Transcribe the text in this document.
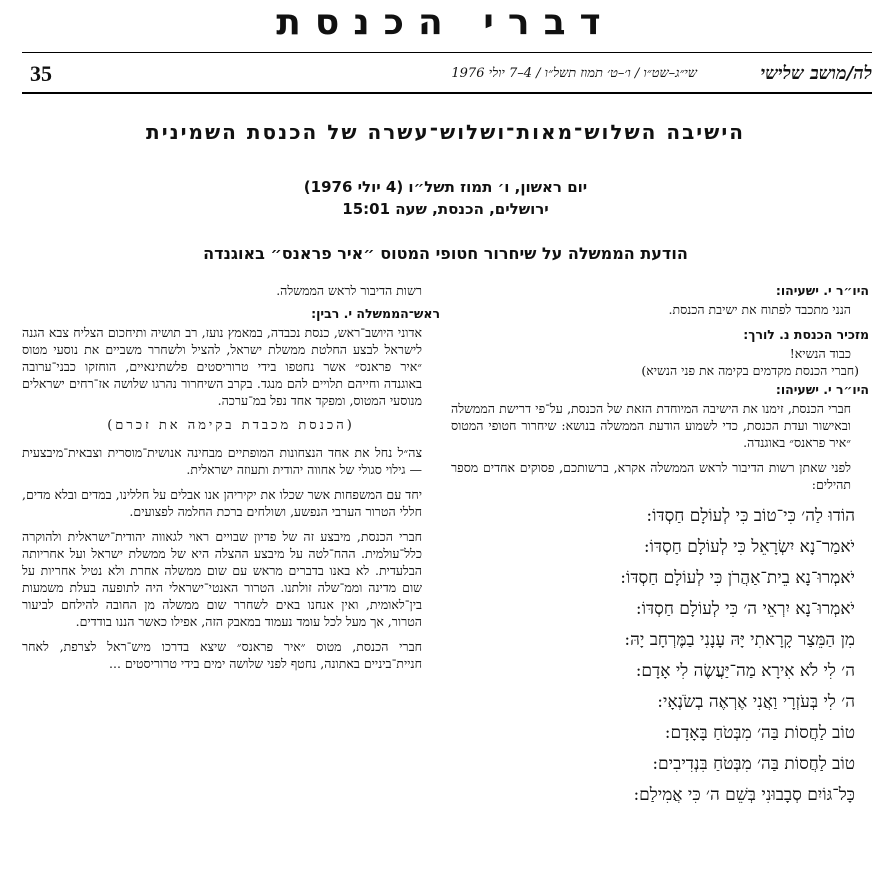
דברי הכנסת
לה/מושב שלישי
שי״ג–שט״ו / ו׳–ט׳ תמוז תשל״ו / 4–7 יולי 1976
35
הישיבה השלוש־מאות־ושלוש־עשרה של הכנסת השמינית
יום ראשון, ו׳ תמוז תשל״ו (4 יולי 1976)
ירושלים, הכנסת, שעה 15:01
הודעת הממשלה על שיחרור חטופי המטוס ״איר פראנס״ באוגנדה

היו״ר י. ישעיהו:

הנני מתכבד לפתוח את ישיבת הכנסת.

מזכיר הכנסת נ. לורך:

כבוד הנשיא!

(חברי הכנסת מקדמים בקימה את פני הנשיא)

היו״ר י. ישעיהו:

חברי הכנסת, זימנו את הישיבה המיוחדת הזאת של הכנסת, על־פי דרישת הממשלה ובאישור ועדת הכנסת, כדי לשמוע הודעת הממשלה בנושא: שיחרור חטופי המטוס ״איר פראנס״ באוגנדה.

לפני שאתן רשות הדיבור לראש הממשלה אקרא, ברשותכם, פסוקים אחדים מספר תהילים:

הוֹדוּ לַה׳ כִּי־טוֹב כִּי לְעוֹלָם חַסְדּוֹ:

יֹאמַר־נָא יִשְׂרָאֵל כִּי לְעוֹלָם חַסְדּוֹ:

יֹאמְרוּ־נָא בֵית־אַהֲרֹן כִּי לְעוֹלָם חַסְדּוֹ:

יֹאמְרוּ־נָא יִרְאֵי ה׳ כִּי לְעוֹלָם חַסְדּוֹ:

מִן הַמֵּצַר קָרָאתִי יָּהּ עָנָנִי בַמֶּרְחָב יָהּ:

ה׳ לִי לֹא אִירָא מַה־יַּעֲשֶׂה לִי אָדָם:

ה׳ לִי בְּעֹזְרָי וַאֲנִי אֶרְאֶה בְשֹׂנְאָי:

טוֹב לַחֲסוֹת בַּה׳ מִבְּטֹחַ בָּאָדָם:

טוֹב לַחֲסוֹת בַּה׳ מִבְּטֹחַ בִּנְדִיבִים:

כָּל־גּוֹיִם סְבָבוּנִי בְּשֵׁם ה׳ כִּי אֲמִילַם:

רשות הדיבור לראש הממשלה.

ראש־הממשלה י. רבין:

אדוני היושב־ראש, כנסת נכבדה, במאמץ נועז, רב תושיה ותיחכום הצליח צבא הגנה לישראל לבצע החלטת ממשלת ישראל, להציל ולשחרר משביים את נוסעי מטוס ״איר פראנס״ אשר נחטפו בידי טרוריסטים פלשתינאיים, הוחזקו כבני־ערובה באוגנדה וחייהם תלויים להם מנגד. בקרב השיחרור נהרגו שלושה אז־רחים ישראלים מנוסעי המטוס, ומפקד אחד נפל במ־ערכה.

(הכנסת מכבדת בקימה את זכרם)

צה״ל נחל את אחד הנצחונות המופתיים מבחינה אנושית־מוסרית וצבאית־מיבצעית — גילוי סגולי של אחווה יהודית ותעוזה ישראלית.

יחד עם המשפחות אשר שכלו את יקיריהן אנו אבלים על חללינו, במדים ובלא מדים, חללי הטרור הערבי הנפשע, ושולחים ברכת החלמה לפצועים.

חברי הכנסת, מיבצע זה של פדיון שבויים ראוי לגאווה יהודית־ישראלית ולהוקרה כלל־עולמית. ההח־לטה על מיבצע ההצלה היא של ממשלת ישראל ועל אחריותה הבלעדית. לא באנו בדברים מראש עם שום ממשלה אחרת ולא נטיל אחריות על שום מדינה וממ־שלה זולתנו. הטרור האנטי־ישראלי היה לתופעה בעלת משמעות בין־לאומית, ואין אנחנו באים לשחרר שום ממשלה מן החובה להילחם לביעור הטרור, אך מעל לכל עומד נעמוד במאבק הזה, אפילו כאשר הננו בודדים.

חברי הכנסת, מטוס ״איר פראנס״ שיצא בדרכו מיש־ראל לצרפת, לאחר חניית־ביניים באתונה, נחטף לפני שלושה ימים בידי טרוריסטים ...
